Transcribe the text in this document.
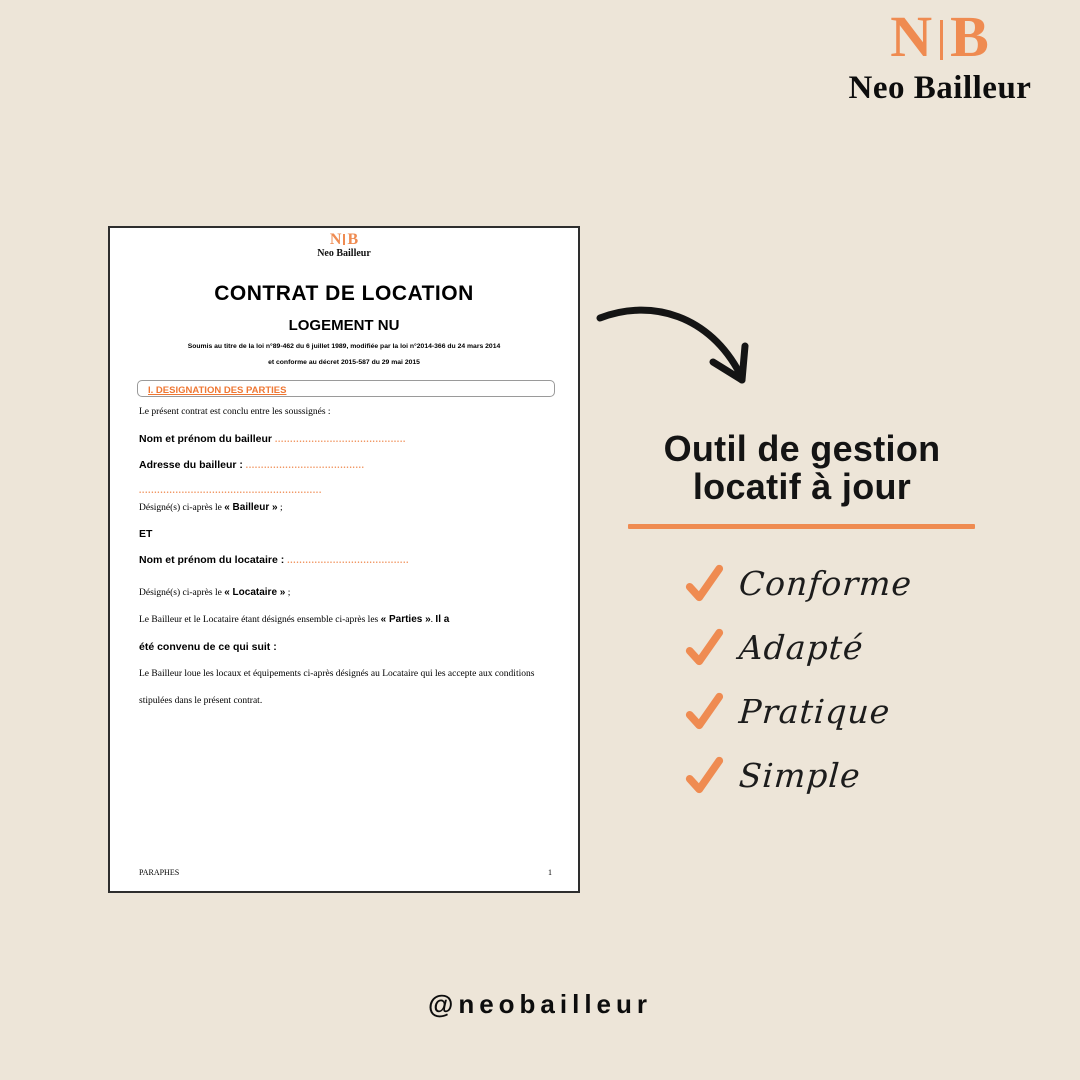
N B
Neo Bailleur
N B
Neo Bailleur
CONTRAT DE LOCATION
LOGEMENT NU
Soumis au titre de la loi n°89-462 du 6 juillet 1989, modifiée par la loi n°2014-366 du 24 mars 2014
et conforme au décret 2015-587 du 29 mai 2015
I. DESIGNATION DES PARTIES
Le présent contrat est conclu entre les soussignés :
Nom et prénom du bailleur ...........................................
Adresse du bailleur : .......................................
............................................................
Désigné(s) ci-après le « Bailleur » ;
ET
Nom et prénom du locataire : ........................................
Désigné(s) ci-après le « Locataire » ;
Le Bailleur et le Locataire étant désignés ensemble ci-après les « Parties ». Il a
été convenu de ce qui suit :
Le Bailleur loue les locaux et équipements ci-après désignés au Locataire qui les accepte aux conditions
stipulées dans le présent contrat.
PARAPHES	1
Outil de gestion
locatif à jour
Conforme
Adapté
Pratique
Simple
@neobailleur
